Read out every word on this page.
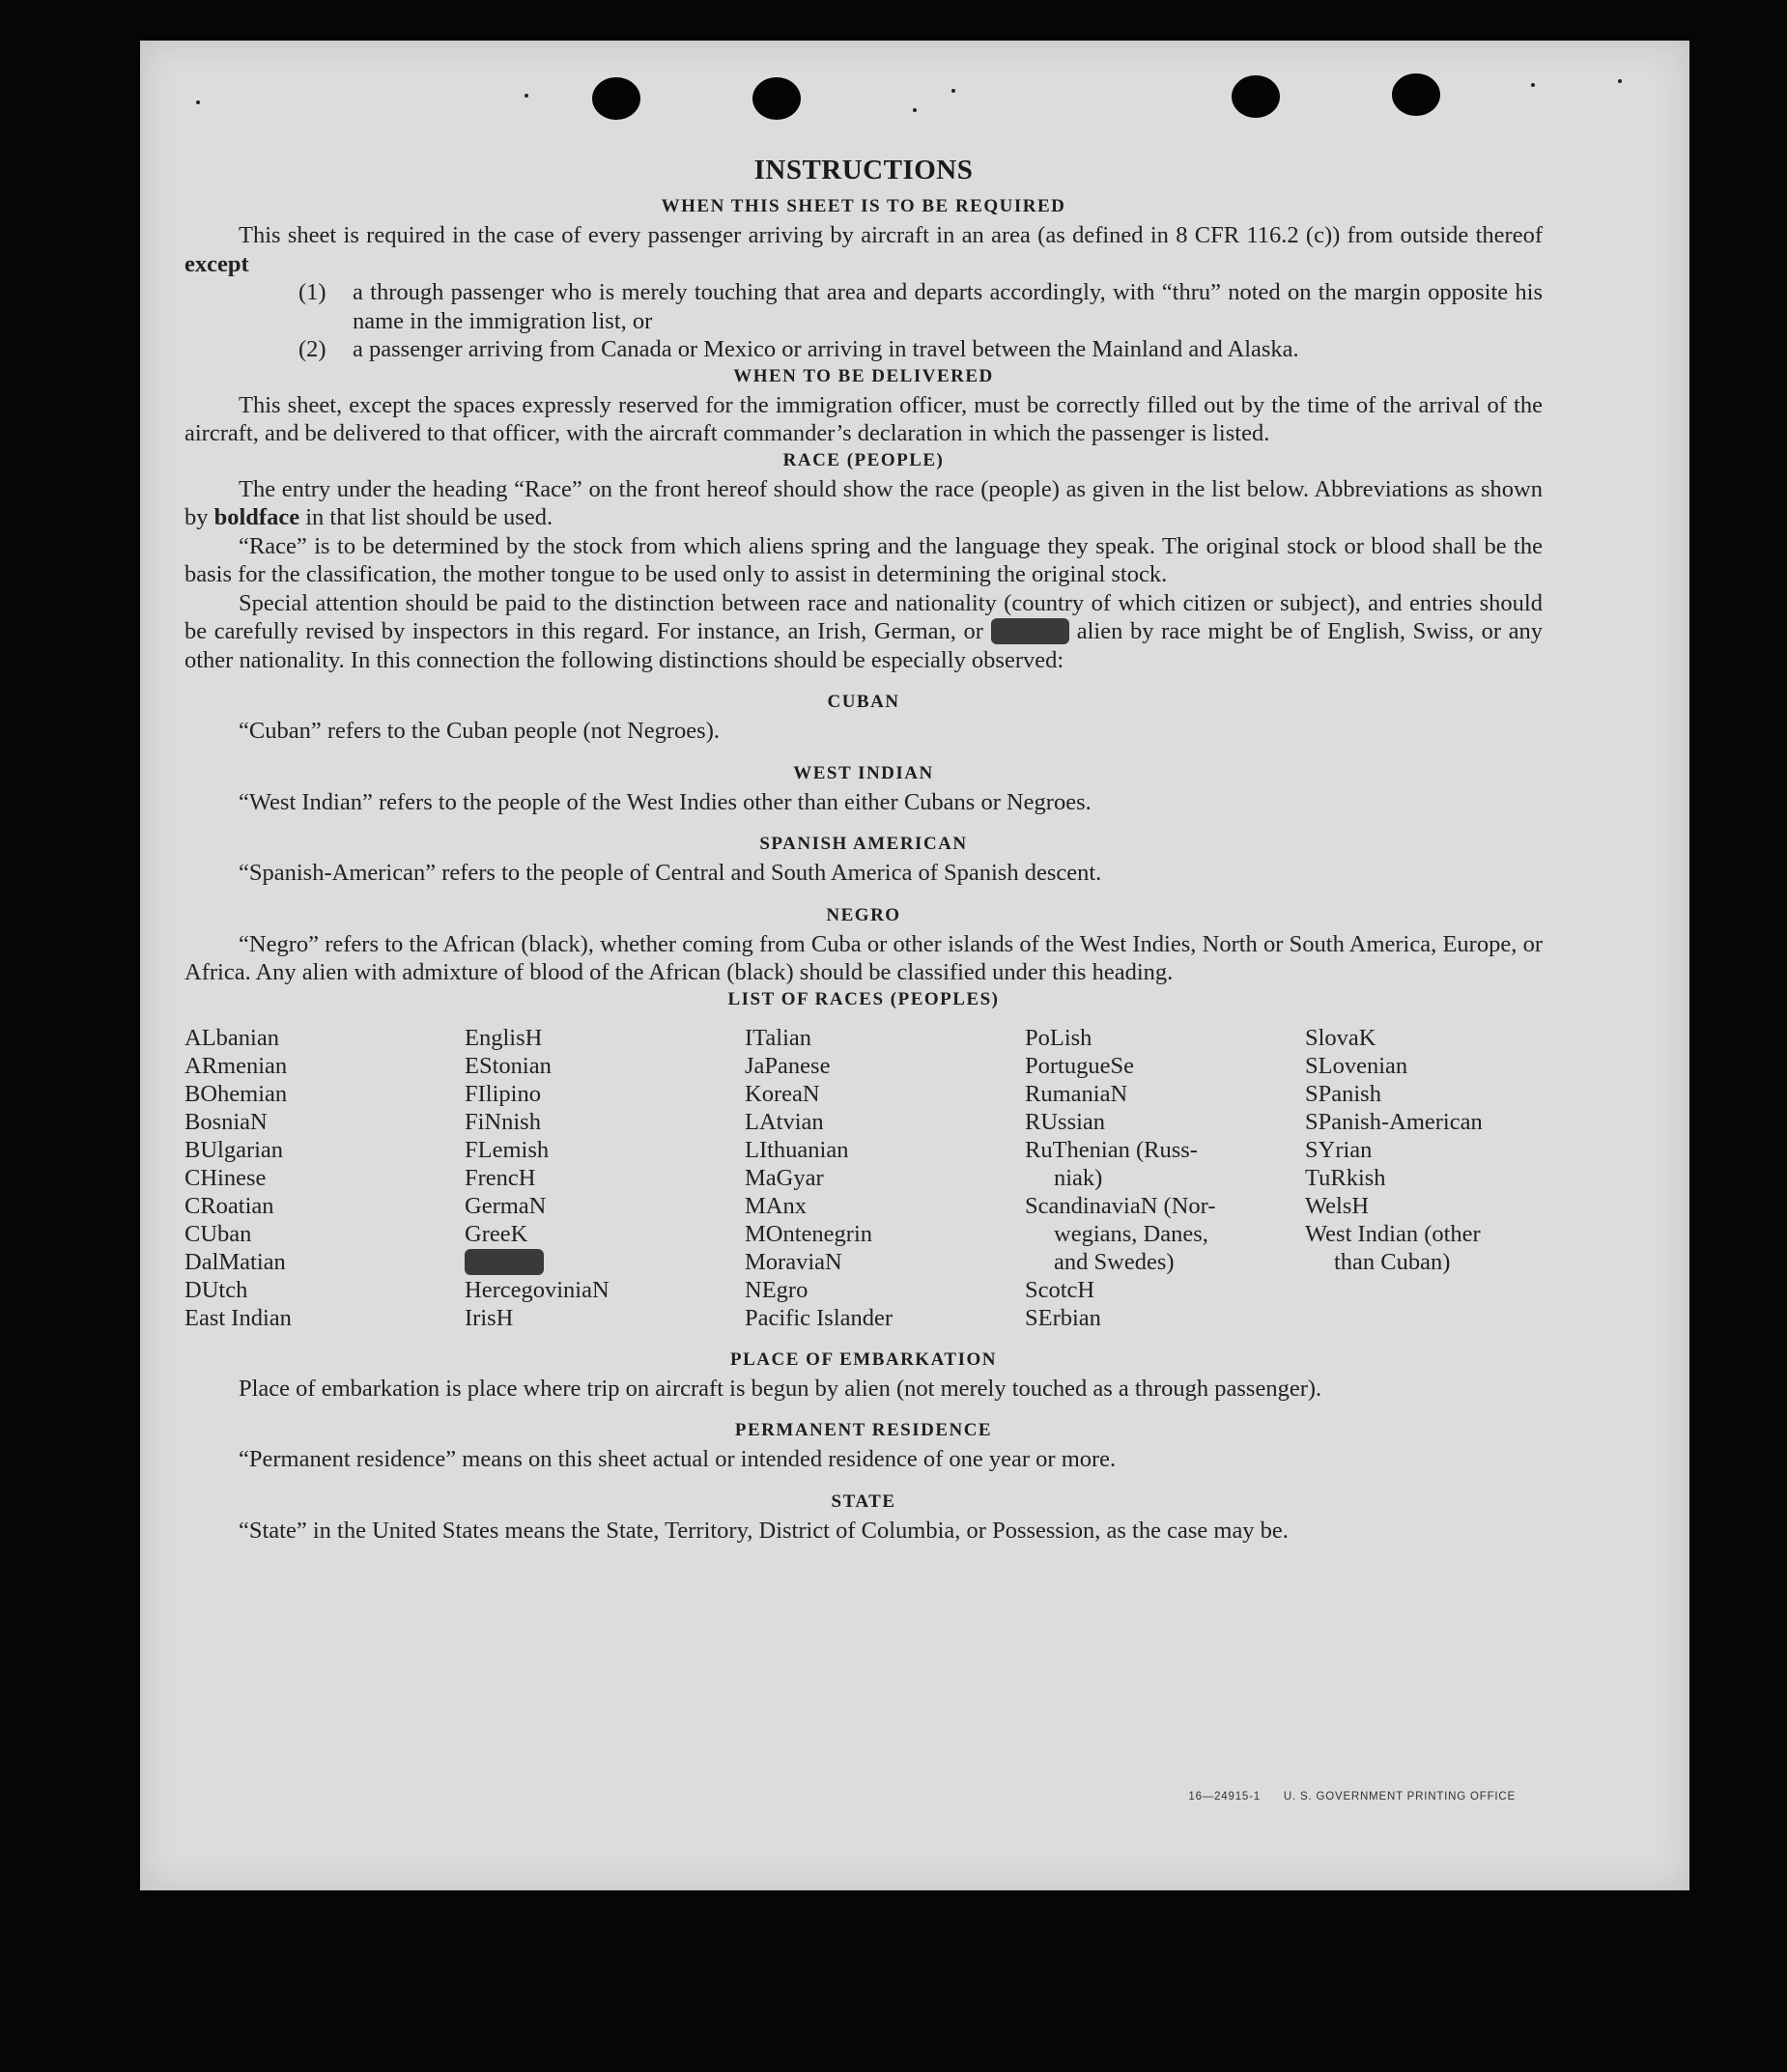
INSTRUCTIONS
WHEN THIS SHEET IS TO BE REQUIRED

This sheet is required in the case of every passenger arriving by aircraft in an area (as defined in 8 CFR 116.2 (c)) from outside thereof except

(1)	a through passenger who is merely touching that area and departs accordingly, with “thru” noted on the margin opposite his name in the immigration list, or
(2)	a passenger arriving from Canada or Mexico or arriving in travel between the Mainland and Alaska.
WHEN TO BE DELIVERED

This sheet, except the spaces expressly reserved for the immigration officer, must be correctly filled out by the time of the arrival of the aircraft, and be delivered to that officer, with the aircraft commander’s declaration in which the passenger is listed.

RACE (PEOPLE)

The entry under the heading “Race” on the front hereof should show the race (people) as given in the list below. Abbreviations as shown by boldface in that list should be used.

“Race” is to be determined by the stock from which aliens spring and the language they speak. The original stock or blood shall be the basis for the classification, the mother tongue to be used only to assist in determining the original stock.

Special attention should be paid to the distinction between race and nationality (country of which citizen or subject), and entries should be carefully revised by inspectors in this regard. For instance, an Irish, German, or Hebrew alien by race might be of English, Swiss, or any other nationality. In this connection the following distinctions should be especially observed:

CUBAN

“Cuban” refers to the Cuban people (not Negroes).

WEST INDIAN

“West Indian” refers to the people of the West Indies other than either Cubans or Negroes.

SPANISH AMERICAN

“Spanish-American” refers to the people of Central and South America of Spanish descent.

NEGRO

“Negro” refers to the African (black), whether coming from Cuba or other islands of the West Indies, North or South America, Europe, or Africa. Any alien with admixture of blood of the African (black) should be classified under this heading.

LIST OF RACES (PEOPLES)
ALbanian
ARmenian
BOhemian
BosniaN
BUlgarian
CHinese
CRoatian
CUban
DalMatian
DUtch
East Indian
EnglisH
EStonian
FIlipino
FiNnish
FLemish
FrencH
GermaN
GreeK
Hebrew
HercegoviniaN
IrisH
ITalian
JaPanese
KoreaN
LAtvian
LIthuanian
MaGyar
MAnx
MOntenegrin
MoraviaN
NEgro
Pacific Islander
PoLish
PortugueSe
RumaniaN
RUssian
RuThenian (Russ-
niak)
ScandinaviaN (Nor-
wegians, Danes,
and Swedes)
ScotcH
SErbian
SlovaK
SLovenian
SPanish
SPanish-American
SYrian
TuRkish
WelsH
West Indian (other
than Cuban)
PLACE OF EMBARKATION

Place of embarkation is place where trip on aircraft is begun by alien (not merely touched as a through passenger).

PERMANENT RESIDENCE

“Permanent residence” means on this sheet actual or intended residence of one year or more.

STATE

“State” in the United States means the State, Territory, District of Columbia, or Possession, as the case may be.

16—24915-1 U. S. GOVERNMENT PRINTING OFFICE
